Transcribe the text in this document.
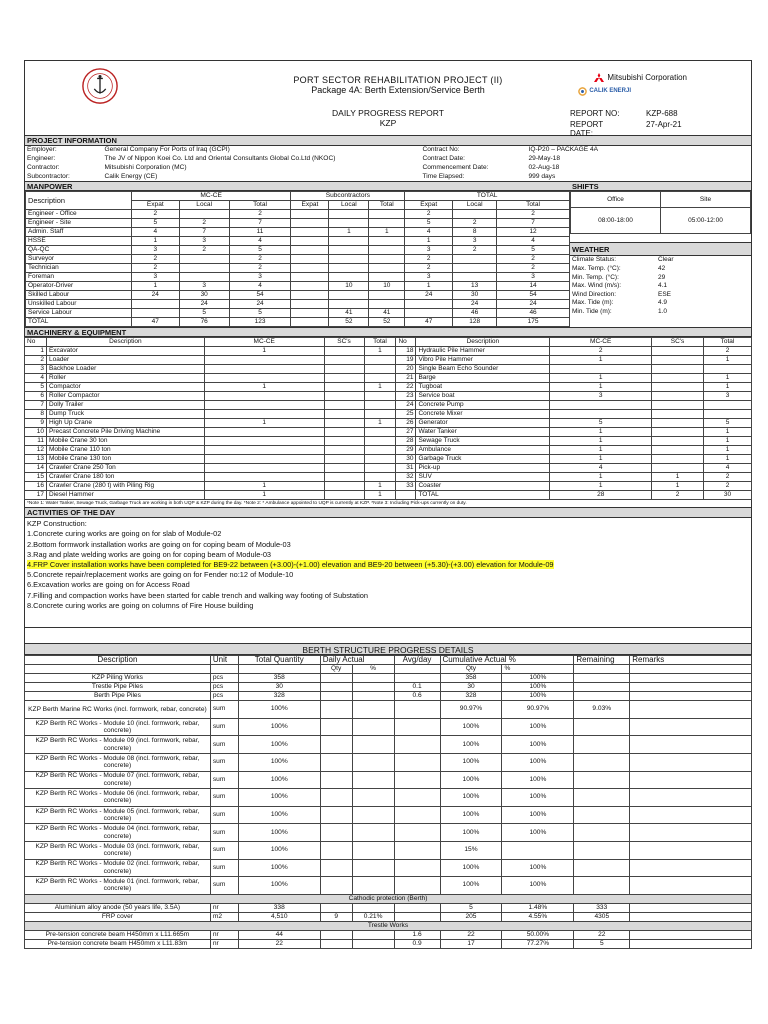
PORT SECTOR REHABILITATION PROJECT (II)
Package 4A: Berth Extension/Service Berth
Mitsubishi Corporation
CALIK ENERJI
DAILY PROGRESS REPORT
KZP
REPORT NO:	KZP-688
REPORT DATE:
27-Apr-21
PROJECT INFORMATION
Employer:	General Company For Ports of Iraq (GCPI)	Contract No:	IQ-P20 – PACKAGE 4A
Engineer:	The JV of Nippon Koei Co. Ltd and Oriental Consultants Global Co.Ltd (NKOC)	Contract Date:	29-May-18
Contractor:	Mitsubishi Corporation (MC)	Commencement Date:	02-Aug-18
Subcontractor:	Calik Energy (CE)	Time Elapsed:	999 days
MANPOWER
Description	MC-CE			Subcontractors			TOTAL		
	Expat	Local	Total	Expat	Local	Total	Expat	Local	Total
Engineer - Office	2		2				2		2
Engineer - Site	5	2	7				5	2	7
Admin. Staff	4	7	11		1	1	4	8	12
HSSE	1	3	4				1	3	4
QA-QC	3	2	5				3	2	5
Surveyor	2		2				2		2
Technician	2		2				2		2
Foreman	3		3				3		3
Operator-Driver	1	3	4		10	10	1	13	14
Skilled Labour	24	30	54				24	30	54
Unskilled Labour		24	24					24	24
Service Labour		5	5		41	41		46	46
TOTAL	47	76	123		52	52	47	128	175
SHIFTS
Office	Site
08:00-18:00	05:00-12:00
WEATHER
Climate Status:	Clear
Max. Temp. (°C):	42
Min. Temp. (°C):	29
Max. Wind (m/s):	4.1
Wind Direction:	ESE
Max. Tide (m):	4.9
Min. Tide (m):	1.0
MACHINERY & EQUIPMENT
No	Description	MC-CE	SC's	Total	No	Description	MC-CE	SC's	Total
1	Excavator	1		1	18	Hydraulic Pile Hammer	2		2
2	Loader				19	Vibro Pile Hammer	1		1
3	Backhoe Loader				20	Single Beam Echo Sounder			
4	Roller				21	Barge	1		1
5	Compactor	1		1	22	Tugboat	1		1
6	Roller Compactor				23	Service boat	3		3
7	Dolly Trailer				24	Concrete Pump			
8	Dump Truck				25	Concrete Mixer			
9	High Up Crane	1		1	26	Generator	5		5
10	Precast Concrete Pile Driving Machine				27	Water Tanker	1		1
11	Mobile Crane 30 ton				28	Sewage Truck	1		1
12	Mobile Crane 110 ton				29	Ambulance	1		1
13	Mobile Crane 130 ton				30	Garbage Truck	1		1
14	Crawler Crane 250 Ton				31	Pick-up	4		4
15	Crawler Crane 180 ton				32	SUV	1	1	2
16	Crawler Crane (280 t) with Piling Rig	1		1	33	Coaster	1	1	2
17	Diesel Hammer	1		1		TOTAL	28	2	30
*Note 1: Water Tanker, Sewage Truck, Garbage Truck are working in both UQP & KZP during the day. *Note 2: * Ambulance appointed to UQP is currently at KZP. *Note 3: Including Pick-ups currently on duty.
ACTIVITIES OF THE DAY
KZP Construction:
1.Concrete curing works are going on for slab of Module-02
2.Bottom formwork installation works are going on for coping beam of Module-03
3.Rag and plate welding works are going on for coping beam of Module-03
4.FRP Cover installation works have been completed for BE9-22 between (+3.00)-(+1.00) elevation and BE9-20 between (+5.30)-(+3.00) elevation for Module-09
5.Concrete repair/replacement works are going on for Fender no:12 of Module-10
6.Excavation works are going on for Access Road
7.Filling and compaction works have been started for cable trench and walking way footing of Substation
8.Concrete curing works are going on columns of Fire House building
BERTH STRUCTURE PROGRESS DETAILS
Description	Unit	Total Quantity	Daily Actual		Avg/day	Cumulative Actual %		Remaining	Remarks
			Qty	%		Qty	%		
KZP Piling Works	pcs	358				358	100%		
Trestle Pipe Piles	pcs	30			0.1	30	100%		
Berth Pipe Piles	pcs	328			0.6	328	100%		
KZP Berth Marine RC Works (incl. formwork, rebar, concrete)	sum	100%				90.97%	90.97%	9.03%	
KZP Berth RC Works - Module 10 (incl. formwork, rebar, concrete)	sum	100%				100%	100%		
KZP Berth RC Works - Module 09 (incl. formwork, rebar, concrete)	sum	100%				100%	100%		
KZP Berth RC Works - Module 08 (incl. formwork, rebar, concrete)	sum	100%				100%	100%		
KZP Berth RC Works - Module 07 (incl. formwork, rebar, concrete)	sum	100%				100%	100%		
KZP Berth RC Works - Module 06 (incl. formwork, rebar, concrete)	sum	100%				100%	100%		
KZP Berth RC Works - Module 05 (incl. formwork, rebar, concrete)	sum	100%				100%	100%		
KZP Berth RC Works - Module 04 (incl. formwork, rebar, concrete)	sum	100%				100%	100%		
KZP Berth RC Works - Module 03 (incl. formwork, rebar, concrete)	sum	100%				15%			
KZP Berth RC Works - Module 02 (incl. formwork, rebar, concrete)	sum	100%				100%	100%		
KZP Berth RC Works - Module 01 (incl. formwork, rebar, concrete)	sum	100%				100%	100%		
Cathodic protection (Berth)									
Aluminium alloy anode (50 years life, 3.5A)	nr	338				5	1.48%	333	
FRP cover	m2	4,510	9	0.21%		205	4.55%	4305	
Trestle Works									
Pre-tension concrete beam H450mm x L11.665m	nr	44			1.6	22	50.00%	22	
Pre-tension concrete beam H450mm x L11.83m	nr	22			0.9	17	77.27%	5	
